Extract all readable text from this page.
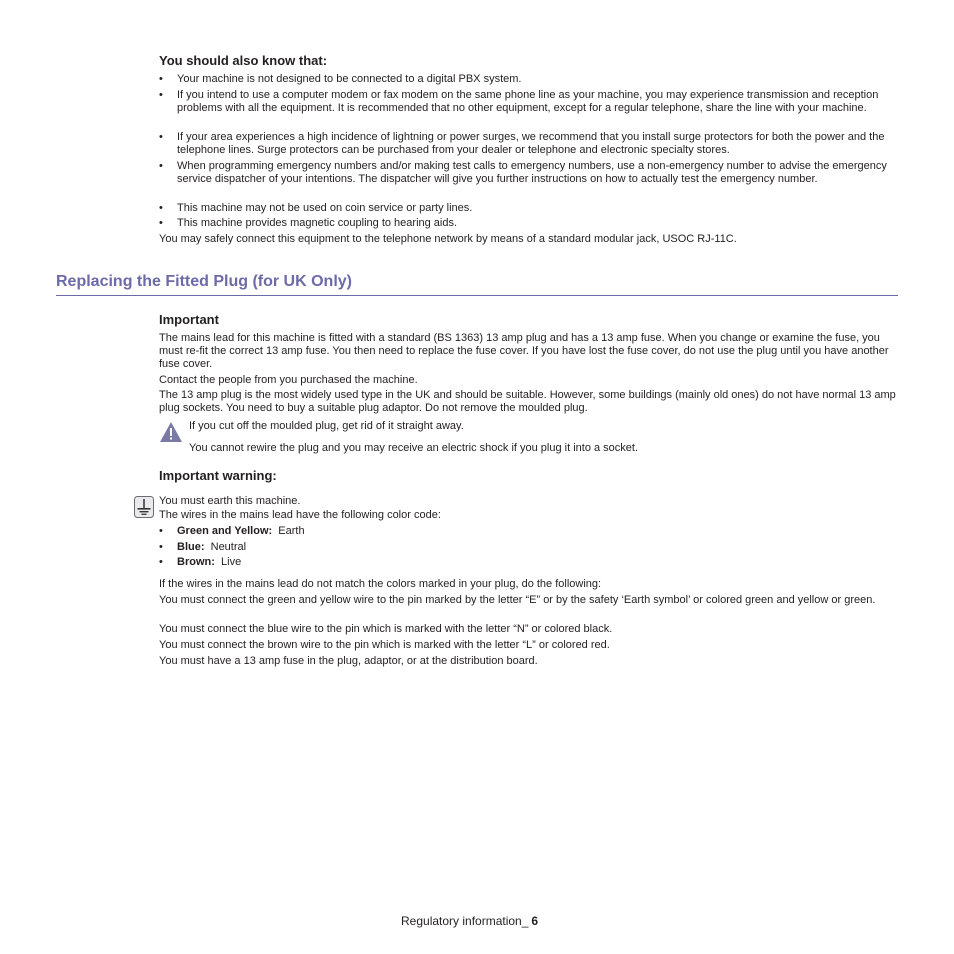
You should also know that:
• Your machine is not designed to be connected to a digital PBX system.
• If you intend to use a computer modem or fax modem on the same phone line as your machine, you may experience transmission and reception problems with all the equipment. It is recommended that no other equipment, except for a regular telephone, share the line with your machine.
• If your area experiences a high incidence of lightning or power surges, we recommend that you install surge protectors for both the power and the telephone lines. Surge protectors can be purchased from your dealer or telephone and electronic specialty stores.
• When programming emergency numbers and/or making test calls to emergency numbers, use a non-emergency number to advise the emergency service dispatcher of your intentions. The dispatcher will give you further instructions on how to actually test the emergency number.
• This machine may not be used on coin service or party lines.
• This machine provides magnetic coupling to hearing aids.
You may safely connect this equipment to the telephone network by means of a standard modular jack, USOC RJ-11C.
Replacing the Fitted Plug (for UK Only)
Important
The mains lead for this machine is fitted with a standard (BS 1363) 13 amp plug and has a 13 amp fuse. When you change or examine the fuse, you must re-fit the correct 13 amp fuse. You then need to replace the fuse cover. If you have lost the fuse cover, do not use the plug until you have another fuse cover.
Contact the people from you purchased the machine.
The 13 amp plug is the most widely used type in the UK and should be suitable. However, some buildings (mainly old ones) do not have normal 13 amp plug sockets. You need to buy a suitable plug adaptor. Do not remove the moulded plug.
If you cut off the moulded plug, get rid of it straight away.
You cannot rewire the plug and you may receive an electric shock if you plug it into a socket.
Important warning:
You must earth this machine.
The wires in the mains lead have the following color code:
• Green and Yellow: Earth
• Blue: Neutral
• Brown: Live
If the wires in the mains lead do not match the colors marked in your plug, do the following:
You must connect the green and yellow wire to the pin marked by the letter “E” or by the safety ‘Earth symbol’ or colored green and yellow or green.
You must connect the blue wire to the pin which is marked with the letter “N” or colored black.
You must connect the brown wire to the pin which is marked with the letter “L” or colored red.
You must have a 13 amp fuse in the plug, adaptor, or at the distribution board.
Regulatory information_ 6
